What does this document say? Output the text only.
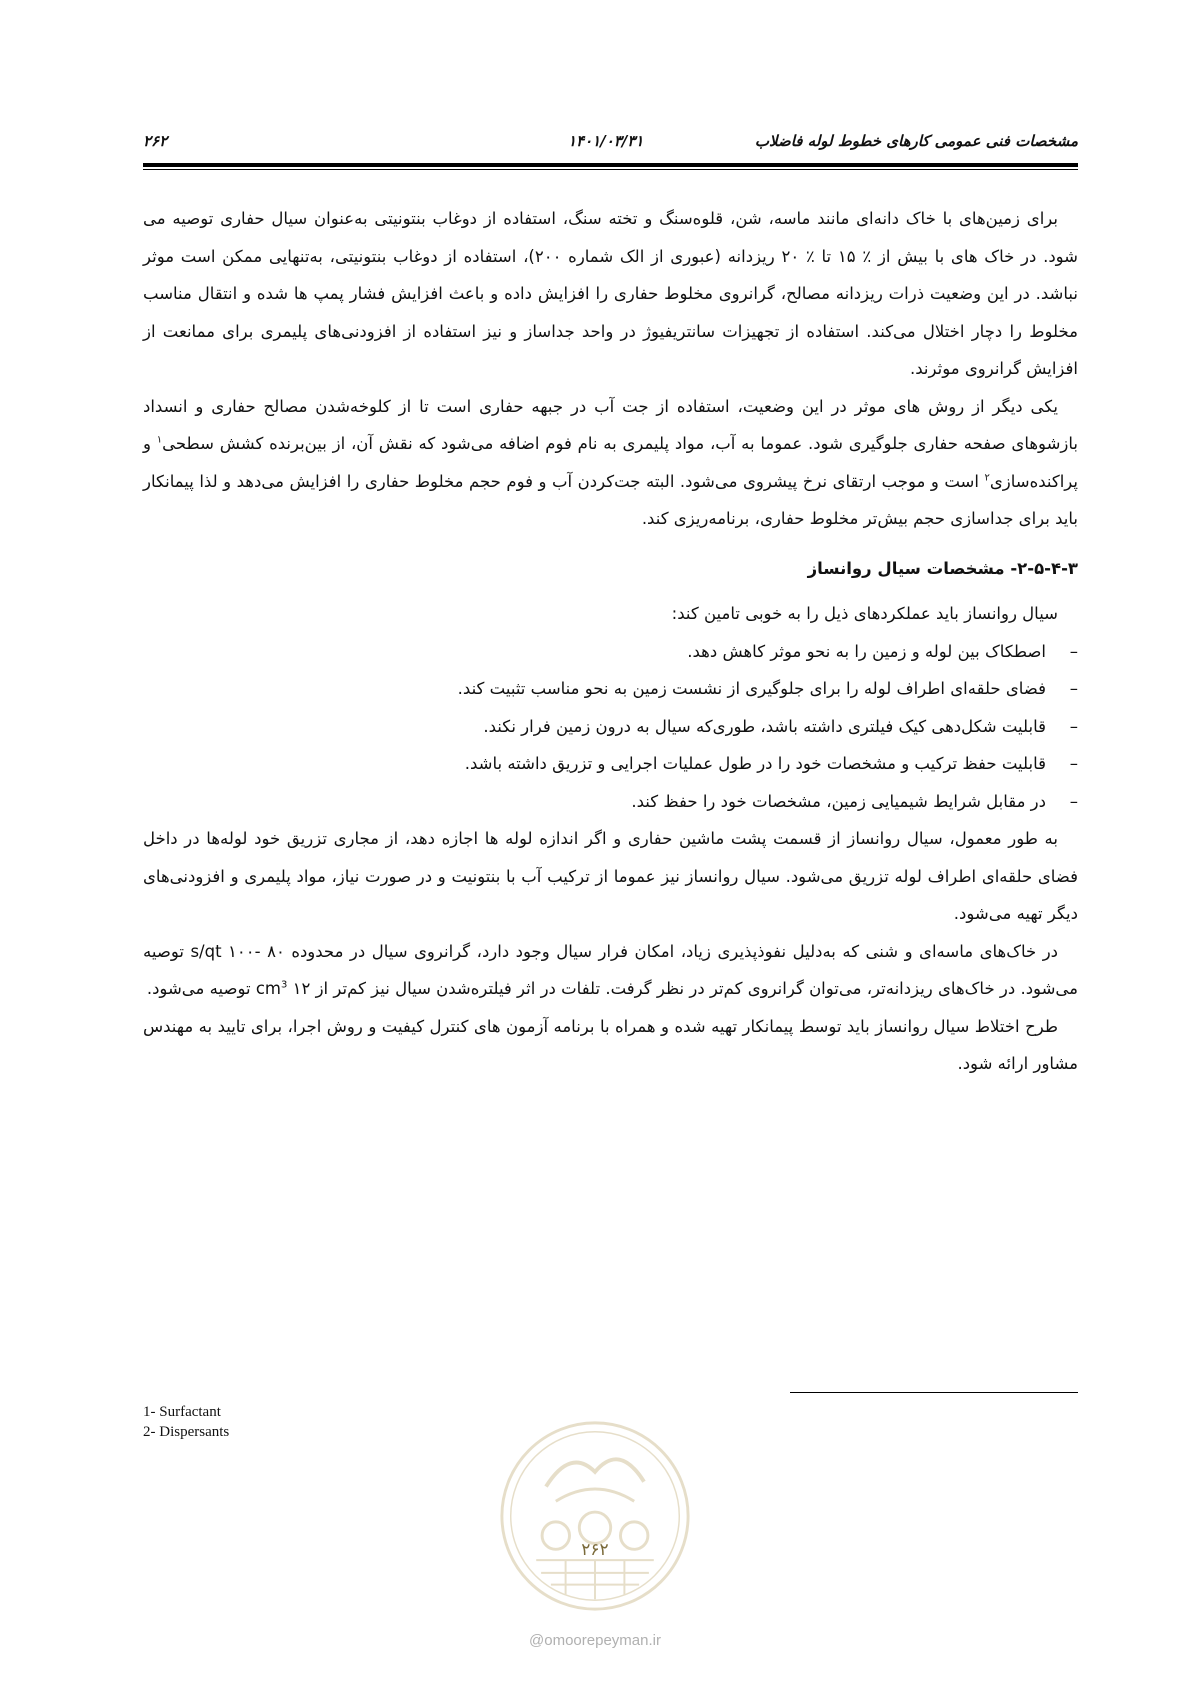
مشخصات فنی عمومی کارهای خطوط لوله فاضلاب
۱۴۰۱/۰۳/۳۱
۲۶۲

برای زمین‌های با خاک دانه‌ای مانند ماسه، شن، قلوه‌سنگ و تخته سنگ، استفاده از دوغاب بنتونیتی به‌عنوان سیال حفاری توصیه می شود. در خاک های با بیش از ٪ ۱۵ تا ٪ ۲۰ ریزدانه (عبوری از الک شماره ۲۰۰)، استفاده از دوغاب بنتونیتی، به‌تنهایی ممکن است موثر نباشد. در این وضعیت ذرات ریزدانه مصالح، گرانروی مخلوط حفاری را افزایش داده و باعث افزایش فشار پمپ ها شده و انتقال مناسب مخلوط را دچار اختلال می‌کند. استفاده از تجهیزات سانتریفیوژ در واحد جداساز و نیز استفاده از افزودنی‌های پلیمری برای ممانعت از افزایش گرانروی موثرند.

یکی دیگر از روش های موثر در این وضعیت، استفاده از جت آب در جبهه حفاری است تا از کلوخه‌شدن مصالح حفاری و انسداد بازشوهای صفحه حفاری جلوگیری شود. عموما به آب، مواد پلیمری به نام فوم اضافه می‌شود که نقش آن، از بین‌برنده کشش سطحی$^۱$ و پراکنده‌سازی$^۲$ است و موجب ارتقای نرخ پیشروی می‌شود. البته جت‌کردن آب و فوم حجم مخلوط حفاری را افزایش می‌دهد و لذا پیمانکار باید برای جداسازی حجم بیش‌تر مخلوط حفاری، برنامه‌ریزی کند.

۲-۵-۴-۳- مشخصات سیال روانساز

سیال روانساز باید عملکردهای ذیل را به خوبی تامین کند:

–
اصطکاک بین لوله و زمین را به نحو موثر کاهش دهد.

–
فضای حلقه‌ای اطراف لوله را برای جلوگیری از نشست زمین به نحو مناسب تثبیت کند.

–
قابلیت شکل‌دهی کیک فیلتری داشته باشد، طوری‌که سیال به درون زمین فرار نکند.

–
قابلیت حفظ ترکیب و مشخصات خود را در طول عملیات اجرایی و تزریق داشته باشد.

–
در مقابل شرایط شیمیایی زمین، مشخصات خود را حفظ کند.

به طور معمول، سیال روانساز از قسمت پشت ماشین حفاری و اگر اندازه لوله ها اجازه دهد، از مجاری تزریق خود لوله‌ها در داخل فضای حلقه‌ای اطراف لوله تزریق می‌شود. سیال روانساز نیز عموما از ترکیب آب با بنتونیت و در صورت نیاز، مواد پلیمری و افزودنی‌های دیگر تهیه می‌شود.

در خاک‌های ماسه‌ای و شنی که به‌دلیل نفوذپذیری زیاد، امکان فرار سیال وجود دارد، گرانروی سیال در محدوده ۸۰ -۱۰۰ s/qt توصیه می‌شود. در خاک‌های ریزدانه‌تر، می‌توان گرانروی کم‌تر در نظر گرفت. تلفات در اثر فیلتره‌شدن سیال نیز کم‌تر از ۱۲ $cm^3$ توصیه می‌شود.

طرح اختلاط سیال روانساز باید توسط پیمانکار تهیه شده و همراه با برنامه آزمون های کنترل کیفیت و روش اجرا، برای تایید به مهندس مشاور ارائه شود.

1- Surfactant
2- Dispersants
۲۶۲
@omoorepeyman.ir
